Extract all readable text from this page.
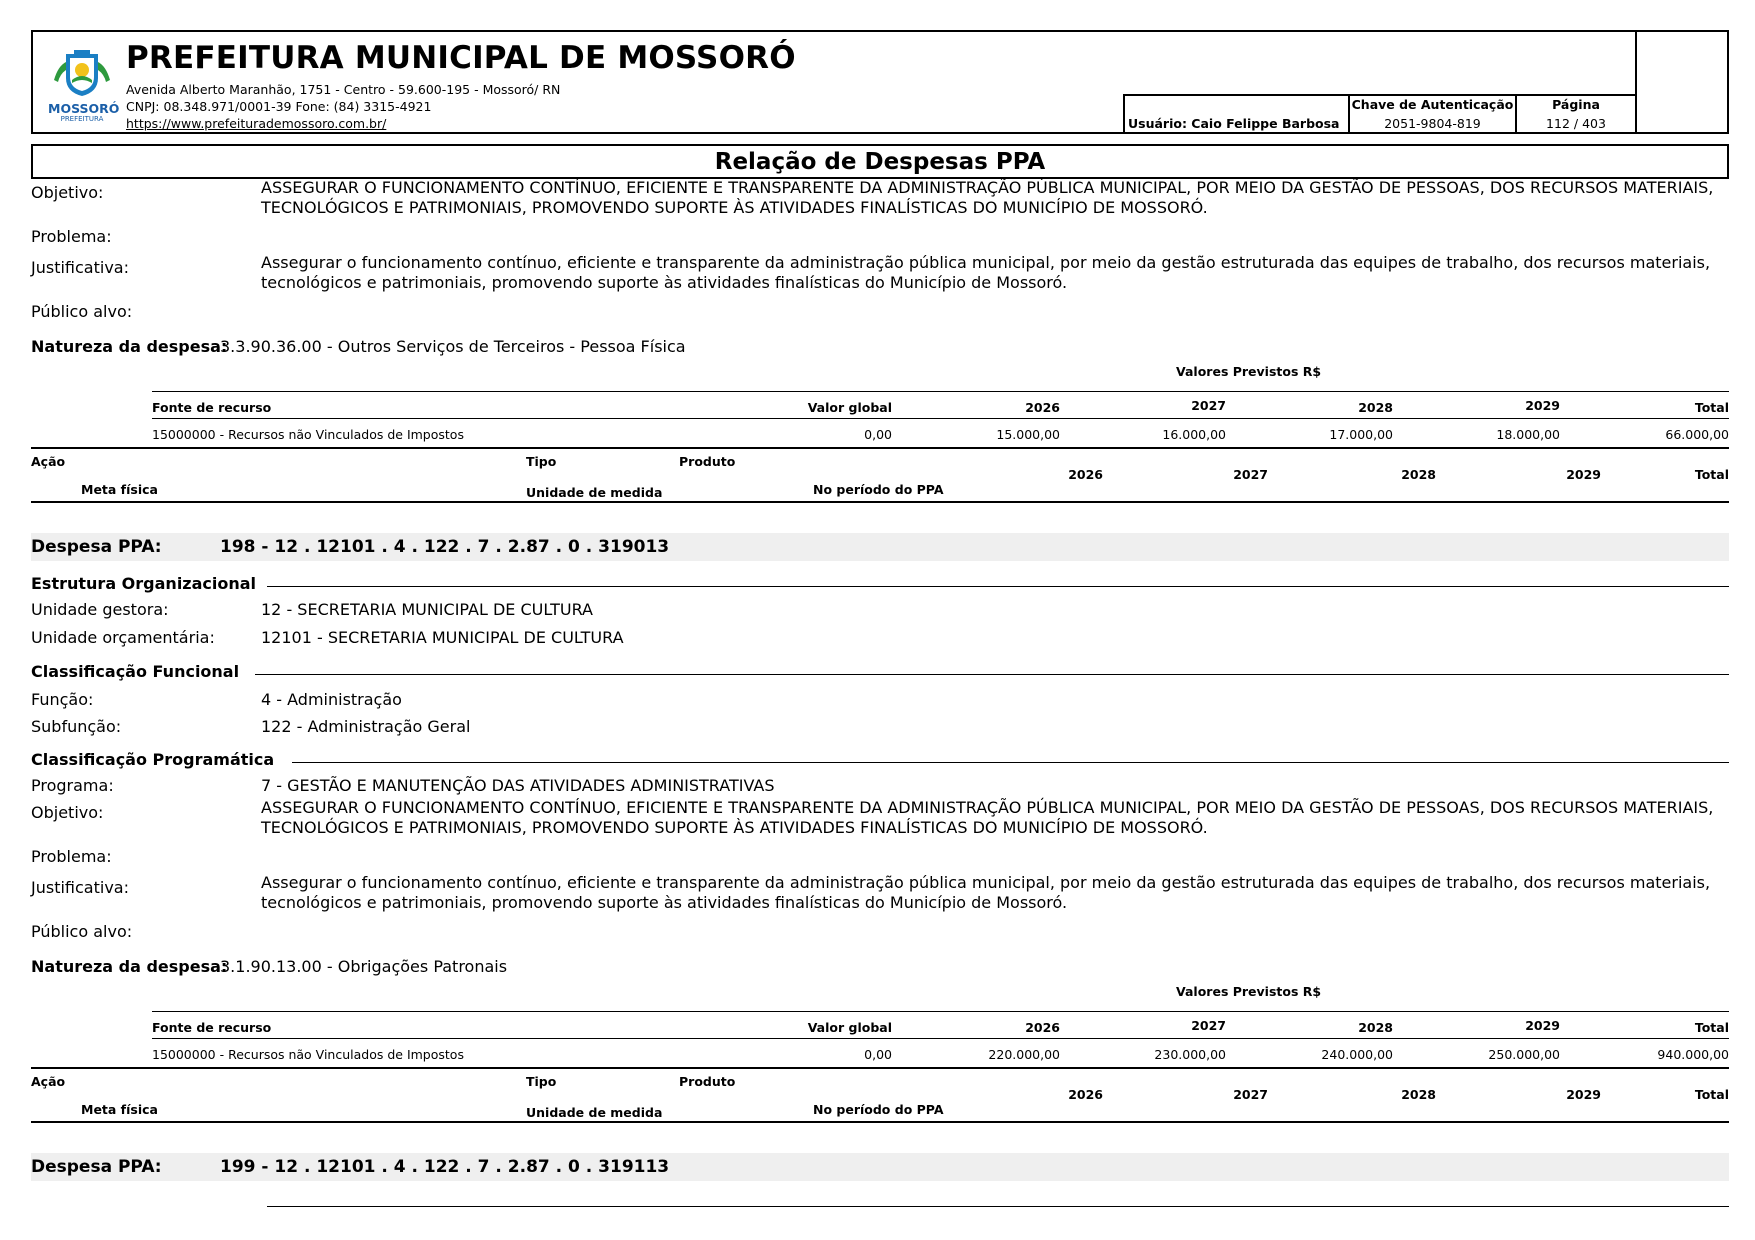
MOSSORÓ
PREFEITURA
PREFEITURA MUNICIPAL DE MOSSORÓ
Avenida Alberto Maranhão, 1751 - Centro - 59.600-195 - Mossoró/ RN
CNPJ: 08.348.971/0001-39 Fone: (84) 3315-4921
https://www.prefeiturademossoro.com.br/	Usuário: Caio Felippe Barbosa
Chave de Autenticação
2051-9804-819
Página
112 / 403
Relação de Despesas PPA
Objetivo:	ASSEGURAR O FUNCIONAMENTO CONTÍNUO, EFICIENTE E TRANSPARENTE DA ADMINISTRAÇÃO PÚBLICA MUNICIPAL, POR MEIO DA GESTÃO DE PESSOAS, DOS RECURSOS MATERIAIS, TECNOLÓGICOS E PATRIMONIAIS, PROMOVENDO SUPORTE ÀS ATIVIDADES FINALÍSTICAS DO MUNICÍPIO DE MOSSORÓ.
Problema:
Justificativa:	Assegurar o funcionamento contínuo, eficiente e transparente da administração pública municipal, por meio da gestão estruturada das equipes de trabalho, dos recursos materiais, tecnológicos e patrimoniais, promovendo suporte às atividades finalísticas do Município de Mossoró.
Público alvo:
Natureza da despesa:
3.3.90.36.00 - Outros Serviços de Terceiros - Pessoa Física
Valores Previstos R$
Fonte de recurso	Valor global	2026	2027	2028	2029	Total
15000000 - Recursos não Vinculados de Impostos	0,00	15.000,00	16.000,00	17.000,00	18.000,00	66.000,00
Ação	Tipo	Produto
Meta física	Unidade de medida	No período do PPA
2026	2027	2028	2029	Total
Despesa PPA:	198 - 12 . 12101 . 4 . 122 . 7 . 2.87 . 0 . 319013
Estrutura Organizacional
Unidade gestora:	12 - SECRETARIA MUNICIPAL DE CULTURA
Unidade orçamentária:	12101 - SECRETARIA MUNICIPAL DE CULTURA
Classificação Funcional
Função:	4 - Administração
Subfunção:	122 - Administração Geral
Classificação Programática
Programa:	7 - GESTÃO E MANUTENÇÃO DAS ATIVIDADES ADMINISTRATIVAS
Objetivo:	ASSEGURAR O FUNCIONAMENTO CONTÍNUO, EFICIENTE E TRANSPARENTE DA ADMINISTRAÇÃO PÚBLICA MUNICIPAL, POR MEIO DA GESTÃO DE PESSOAS, DOS RECURSOS MATERIAIS, TECNOLÓGICOS E PATRIMONIAIS, PROMOVENDO SUPORTE ÀS ATIVIDADES FINALÍSTICAS DO MUNICÍPIO DE MOSSORÓ.
Problema:
Justificativa:	Assegurar o funcionamento contínuo, eficiente e transparente da administração pública municipal, por meio da gestão estruturada das equipes de trabalho, dos recursos materiais, tecnológicos e patrimoniais, promovendo suporte às atividades finalísticas do Município de Mossoró.
Público alvo:
Natureza da despesa:
3.1.90.13.00 - Obrigações Patronais
Valores Previstos R$
Fonte de recurso	Valor global	2026	2027	2028	2029	Total
15000000 - Recursos não Vinculados de Impostos	0,00	220.000,00	230.000,00	240.000,00	250.000,00	940.000,00
Ação	Tipo	Produto
Meta física	Unidade de medida	No período do PPA
2026	2027	2028	2029	Total
Despesa PPA:	199 - 12 . 12101 . 4 . 122 . 7 . 2.87 . 0 . 319113
